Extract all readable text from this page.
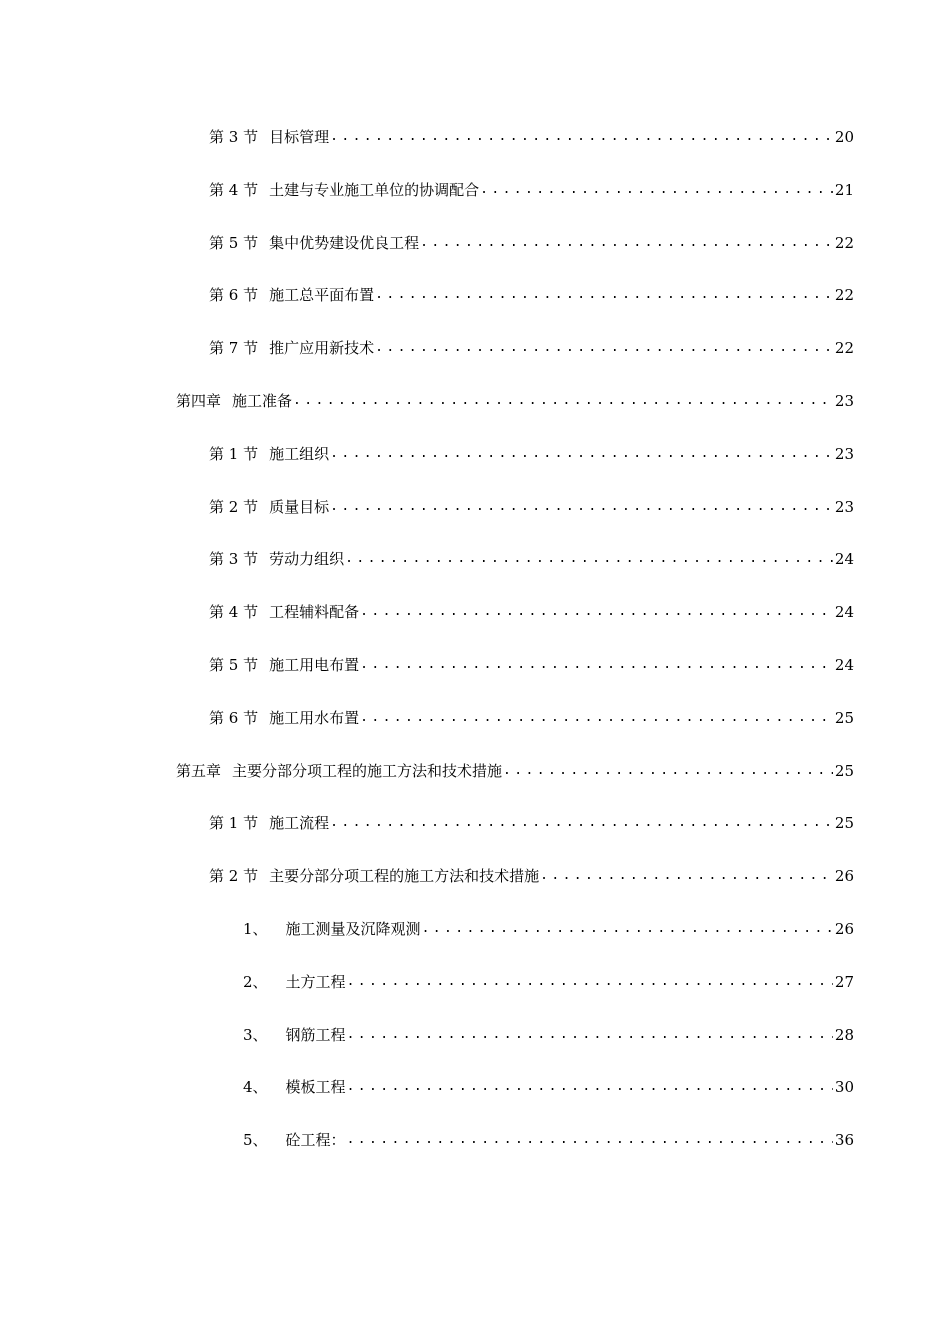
第 3 节 目标管理 .....	20
第 4 节 土建与专业施工单位的协调配合 .....	21
第 5 节 集中优势建设优良工程 .....	22
第 6 节 施工总平面布置 .....	22
第 7 节 推广应用新技术 .....	22
第四章 施工准备 .....	23
第 1 节 施工组织 .....	23
第 2 节 质量目标 .....	23
第 3 节 劳动力组织 .....	24
第 4 节 工程辅料配备 .....	24
第 5 节 施工用电布置 .....	24
第 6 节 施工用水布置 .....	25
第五章 主要分部分项工程的施工方法和技术措施 .....	25
第 1 节 施工流程 .....	25
第 2 节 主要分部分项工程的施工方法和技术措施 .....	26
1、 施工测量及沉降观测 .....	26
2、 土方工程 .....	27
3、 钢筋工程 .....	28
4、 模板工程 .....	30
5、 砼工程： .....	36
